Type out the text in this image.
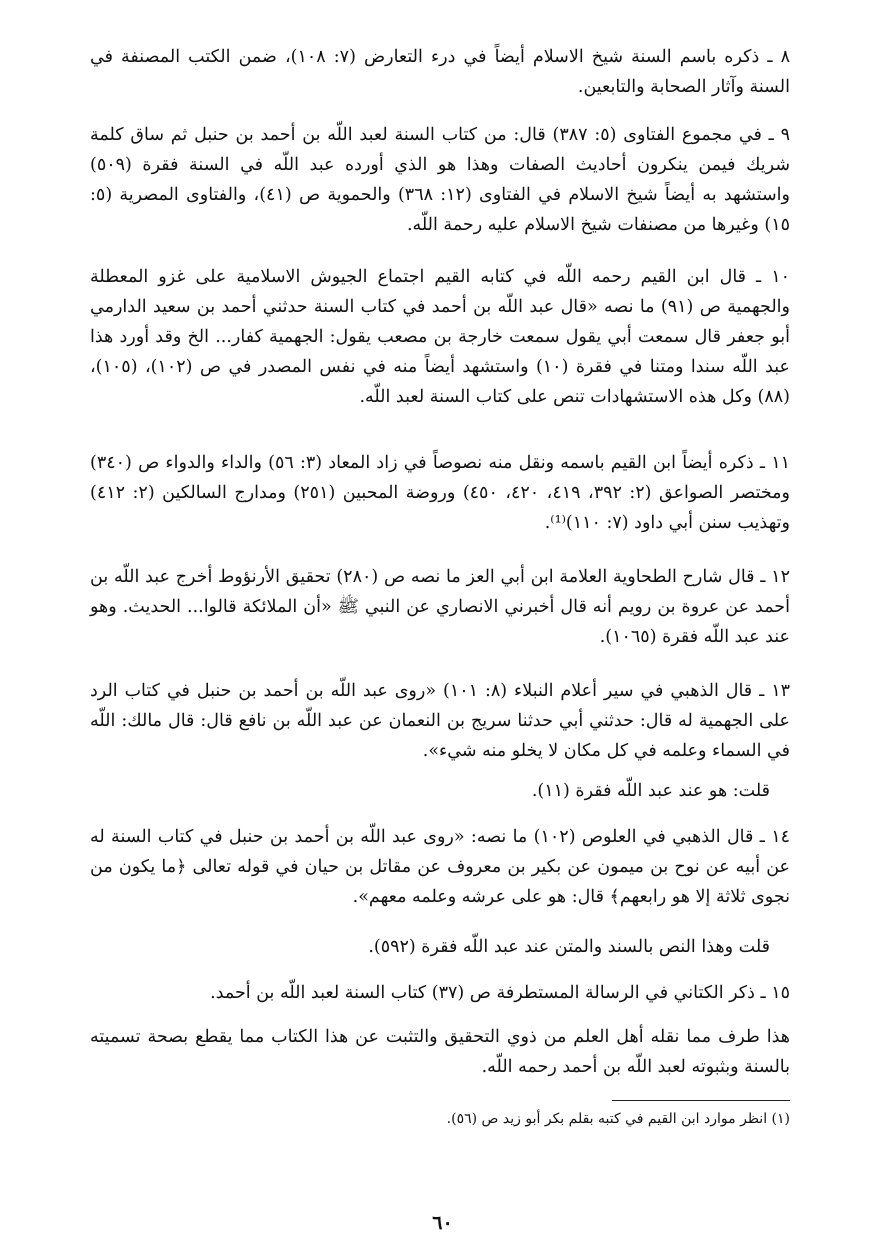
٨ ـ ذكره باسم السنة شيخ الاسلام أيضاً في درء التعارض (٧: ١٠٨)، ضمن الكتب المصنفة في السنة وآثار الصحابة والتابعين.
٩ ـ في مجموع الفتاوى (٥: ٣٨٧) قال: من كتاب السنة لعبد اللّه بن أحمد بن حنبل ثم ساق كلمة شريك فيمن ينكرون أحاديث الصفات وهذا هو الذي أورده عبد اللّه في السنة فقرة (٥٠٩) واستشهد به أيضاً شيخ الاسلام في الفتاوى (١٢: ٣٦٨) والحموية ص (٤١)، والفتاوى المصرية (٥: ١٥) وغيرها من مصنفات شيخ الاسلام عليه رحمة اللّه.
١٠ ـ قال ابن القيم رحمه اللّه في كتابه القيم اجتماع الجيوش الاسلامية على غزو المعطلة والجهمية ص (٩١) ما نصه «قال عبد اللّه بن أحمد في كتاب السنة حدثني أحمد بن سعيد الدارمي أبو جعفر قال سمعت أبي يقول سمعت خارجة بن مصعب يقول: الجهمية كفار... الخ وقد أورد هذا عبد اللّه سندا ومتنا في فقرة (١٠) واستشهد أيضاً منه في نفس المصدر في ص (١٠٢)، (١٠٥)، (٨٨) وكل هذه الاستشهادات تنص على كتاب السنة لعبد اللّه.
١١ ـ ذكره أيضاً ابن القيم باسمه ونقل منه نصوصاً في زاد المعاد (٣: ٥٦) والداء والدواء ص (٣٤٠) ومختصر الصواعق (٢: ٣٩٢، ٤١٩، ٤٢٠، ٤٥٠) وروضة المحبين (٢٥١) ومدارج السالكين (٢: ٤١٢) وتهذيب سنن أبي داود (٧: ١١٠)⁽¹⁾.
١٢ ـ قال شارح الطحاوية العلامة ابن أبي العز ما نصه ص (٢٨٠) تحقيق الأرنؤوط أخرج عبد اللّه بن أحمد عن عروة بن رويم أنه قال أخبرني الانصاري عن النبي ﷺ «أن الملائكة قالوا... الحديث. وهو عند عبد اللّه فقرة (١٠٦٥).
١٣ ـ قال الذهبي في سير أعلام النبلاء (٨: ١٠١) «روى عبد اللّه بن أحمد بن حنبل في كتاب الرد على الجهمية له قال: حدثني أبي حدثنا سريج بن النعمان عن عبد اللّه بن نافع قال: قال مالك: اللّه في السماء وعلمه في كل مكان لا يخلو منه شيء».
قلت: هو عند عبد اللّه فقرة (١١).
١٤ ـ قال الذهبي في العلوص (١٠٢) ما نصه: «روى عبد اللّه بن أحمد بن حنبل في كتاب السنة له عن أبيه عن نوح بن ميمون عن بكير بن معروف عن مقاتل بن حيان في قوله تعالى ﴿ما يكون من نجوى ثلاثة إلا هو رابعهم﴾ قال: هو على عرشه وعلمه معهم».
قلت وهذا النص بالسند والمتن عند عبد اللّه فقرة (٥٩٢).
١٥ ـ ذكر الكتاني في الرسالة المستطرفة ص (٣٧) كتاب السنة لعبد اللّه بن أحمد.
هذا طرف مما نقله أهل العلم من ذوي التحقيق والتثبت عن هذا الكتاب مما يقطع بصحة تسميته بالسنة وبثبوته لعبد اللّه بن أحمد رحمه اللّه.
(١) انظر موارد ابن القيم في كتبه بقلم بكر أبو زيد ص (٥٦).
٦٠
